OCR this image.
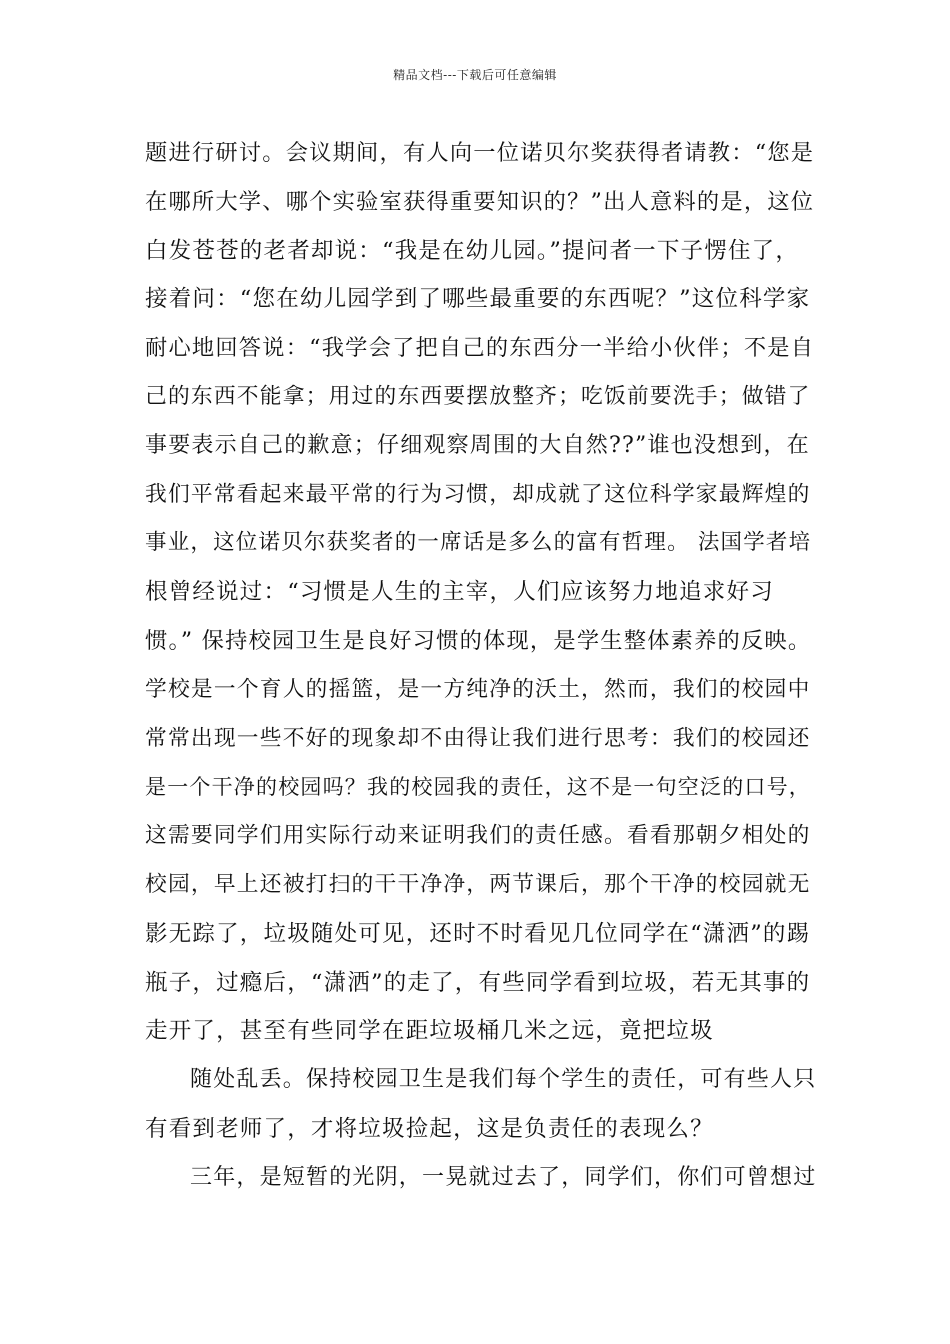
精品文档---下载后可任意编辑
题进行研讨。会议期间，有人向一位诺贝尔奖获得者请教：“您是
在哪所大学、哪个实验室获得重要知识的？”出人意料的是，这位
白发苍苍的老者却说：“我是在幼儿园。”提问者一下子愣住了，
接着问：“您在幼儿园学到了哪些最重要的东西呢？”这位科学家
耐心地回答说：“我学会了把自己的东西分一半给小伙伴；不是自
己的东西不能拿；用过的东西要摆放整齐；吃饭前要洗手；做错了
事要表示自己的歉意；仔细观察周围的大自然??”谁也没想到，在
我们平常看起来最平常的行为习惯，却成就了这位科学家最辉煌的
事业，这位诺贝尔获奖者的一席话是多么的富有哲理。 法国学者培
根曾经说过：“习惯是人生的主宰，人们应该努力地追求好习
惯。” 保持校园卫生是良好习惯的体现，是学生整体素养的反映。
学校是一个育人的摇篮，是一方纯净的沃土，然而，我们的校园中
常常出现一些不好的现象却不由得让我们进行思考：我们的校园还
是一个干净的校园吗？我的校园我的责任，这不是一句空泛的口号，
这需要同学们用实际行动来证明我们的责任感。看看那朝夕相处的
校园，早上还被打扫的干干净净，两节课后，那个干净的校园就无
影无踪了，垃圾随处可见，还时不时看见几位同学在“潇洒”的踢
瓶子，过瘾后，“潇洒”的走了，有些同学看到垃圾，若无其事的
走开了，甚至有些同学在距垃圾桶几米之远，竟把垃圾
随处乱丢。保持校园卫生是我们每个学生的责任，可有些人只
有看到老师了，才将垃圾捡起，这是负责任的表现么？
三年，是短暂的光阴，一晃就过去了，同学们，你们可曾想过
